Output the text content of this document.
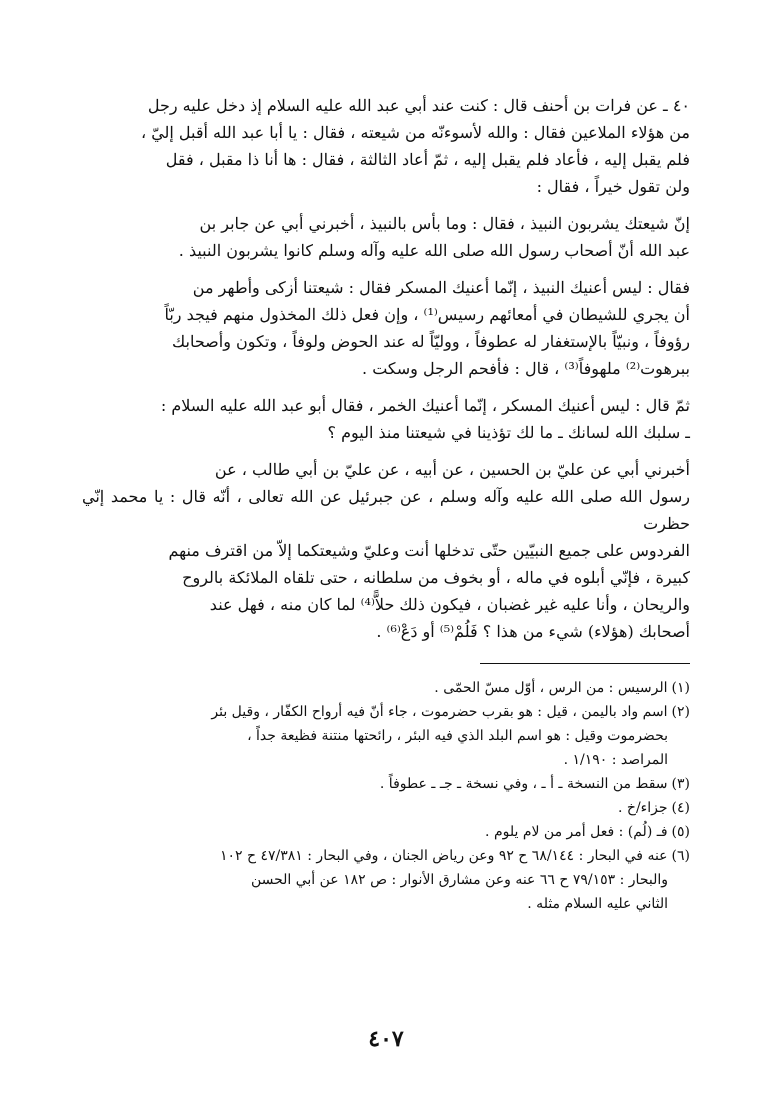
٤٠ ـ عن فرات بن أحنف قال : كنت عند أبي عبد الله عليه السلام إذ دخل عليه رجل
من هؤلاء الملاعين فقال : والله لأسوءنّه من شيعته ، فقال : يا أبا عبد الله أقبل إليّ ،
فلم يقبل إليه ، فأعاد فلم يقبل إليه ، ثمّ أعاد الثالثة ، فقال : ها أنا ذا مقبل ، فقل
ولن تقول خيراً ، فقال :

إنّ شيعتك يشربون النبيذ ، فقال : وما بأس بالنبيذ ، أخبرني أبي عن جابر بن
عبد الله أنّ أصحاب رسول الله صلى الله عليه وآله وسلم كانوا يشربون النبيذ .

فقال : ليس أعنيك النبيذ ، إنّما أعنيك المسكر فقال : شيعتنا أزكى وأطهر من
أن يجري للشيطان في أمعائهم رسيس⁽¹⁾ ، وإن فعل ذلك المخذول منهم فيجد ربّاً
رؤوفاً ، ونبيّاً بالإستغفار له عطوفاً ، ووليّاً له عند الحوض ولوفاً ، وتكون وأصحابك
ببرهوت⁽²⁾ ملهوفاً⁽³⁾ ، قال : فأفحم الرجل وسكت .

ثمّ قال : ليس أعنيك المسكر ، إنّما أعنيك الخمر ، فقال أبو عبد الله عليه السلام :
ـ سلبك الله لسانك ـ ما لك تؤذينا في شيعتنا منذ اليوم ؟

أخبرني أبي عن عليّ بن الحسين ، عن أبيه ، عن عليّ بن أبي طالب ، عن
رسول الله صلى الله عليه وآله وسلم ، عن جبرئيل عن الله تعالى ، أنّه قال : يا محمد إنّي حظرت
الفردوس على جميع النبيّين حتّى تدخلها أنت وعليّ وشيعتكما إلاّ من اقترف منهم
كبيرة ، فإنّي أبلوه في ماله ، أو بخوف من سلطانه ، حتى تلقاه الملائكة بالروح
والريحان ، وأنا عليه غير غضبان ، فيكون ذلك حلاًّ⁽⁴⁾ لما كان منه ، فهل عند
أصحابك (هؤلاء) شيء من هذا ؟ فَلُمْ⁽⁵⁾ أو دَعْ⁽⁶⁾ .

(١)الرسيس : من الرس ، أوّل مسّ الحمّى .
(٢)اسم واد باليمن ، قيل : هو بقرب حضرموت ، جاء أنّ فيه أرواح الكفّار ، وقيل بئر
بحضرموت وقيل : هو اسم البلد الذي فيه البئر ، رائحتها منتنة فظيعة جداً ،
المراصد : ١/١٩٠ .
(٣)سقط من النسخة ـ أ ـ ، وفي نسخة ـ جـ ـ عطوفاً .
(٤)جزاء/خ .
(٥)فـ (لُم) : فعل أمر من لام يلوم .
(٦)عنه في البحار : ٦٨/١٤٤ ح ٩٢ وعن رياض الجنان ، وفي البحار : ٤٧/٣٨١ ح ١٠٢
والبحار : ٧٩/١٥٣ ح ٦٦ عنه وعن مشارق الأنوار : ص ١٨٢ عن أبي الحسن
الثاني عليه السلام مثله .
٤٠٧
